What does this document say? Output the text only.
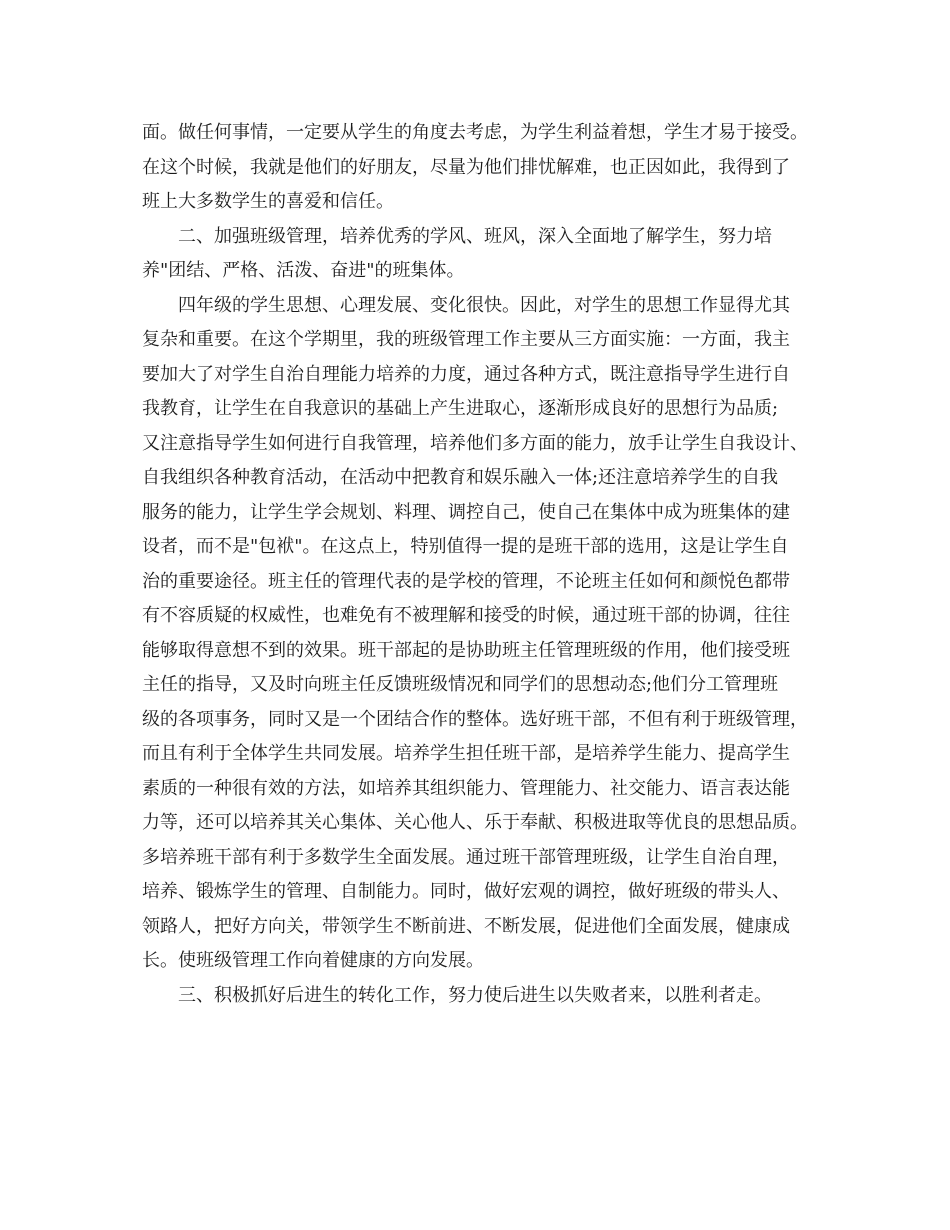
面。做任何事情，一定要从学生的角度去考虑，为学生利益着想，学生才易于接受。
在这个时候，我就是他们的好朋友，尽量为他们排忧解难，也正因如此，我得到了
班上大多数学生的喜爱和信任。
二、加强班级管理，培养优秀的学风、班风，深入全面地了解学生，努力培
养"团结、严格、活泼、奋进"的班集体。
四年级的学生思想、心理发展、变化很快。因此，对学生的思想工作显得尤其
复杂和重要。在这个学期里，我的班级管理工作主要从三方面实施：一方面，我主
要加大了对学生自治自理能力培养的力度，通过各种方式，既注意指导学生进行自
我教育，让学生在自我意识的基础上产生进取心，逐渐形成良好的思想行为品质;
又注意指导学生如何进行自我管理，培养他们多方面的能力，放手让学生自我设计、
自我组织各种教育活动，在活动中把教育和娱乐融入一体;还注意培养学生的自我
服务的能力，让学生学会规划、料理、调控自己，使自己在集体中成为班集体的建
设者，而不是"包袱"。在这点上，特别值得一提的是班干部的选用，这是让学生自
治的重要途径。班主任的管理代表的是学校的管理，不论班主任如何和颜悦色都带
有不容质疑的权威性，也难免有不被理解和接受的时候，通过班干部的协调，往往
能够取得意想不到的效果。班干部起的是协助班主任管理班级的作用，他们接受班
主任的指导，又及时向班主任反馈班级情况和同学们的思想动态;他们分工管理班
级的各项事务，同时又是一个团结合作的整体。选好班干部，不但有利于班级管理，
而且有利于全体学生共同发展。培养学生担任班干部，是培养学生能力、提高学生
素质的一种很有效的方法，如培养其组织能力、管理能力、社交能力、语言表达能
力等，还可以培养其关心集体、关心他人、乐于奉献、积极进取等优良的思想品质。
多培养班干部有利于多数学生全面发展。通过班干部管理班级，让学生自治自理，
培养、锻炼学生的管理、自制能力。同时，做好宏观的调控，做好班级的带头人、
领路人，把好方向关，带领学生不断前进、不断发展，促进他们全面发展，健康成
长。使班级管理工作向着健康的方向发展。
三、积极抓好后进生的转化工作，努力使后进生以失败者来，以胜利者走。
